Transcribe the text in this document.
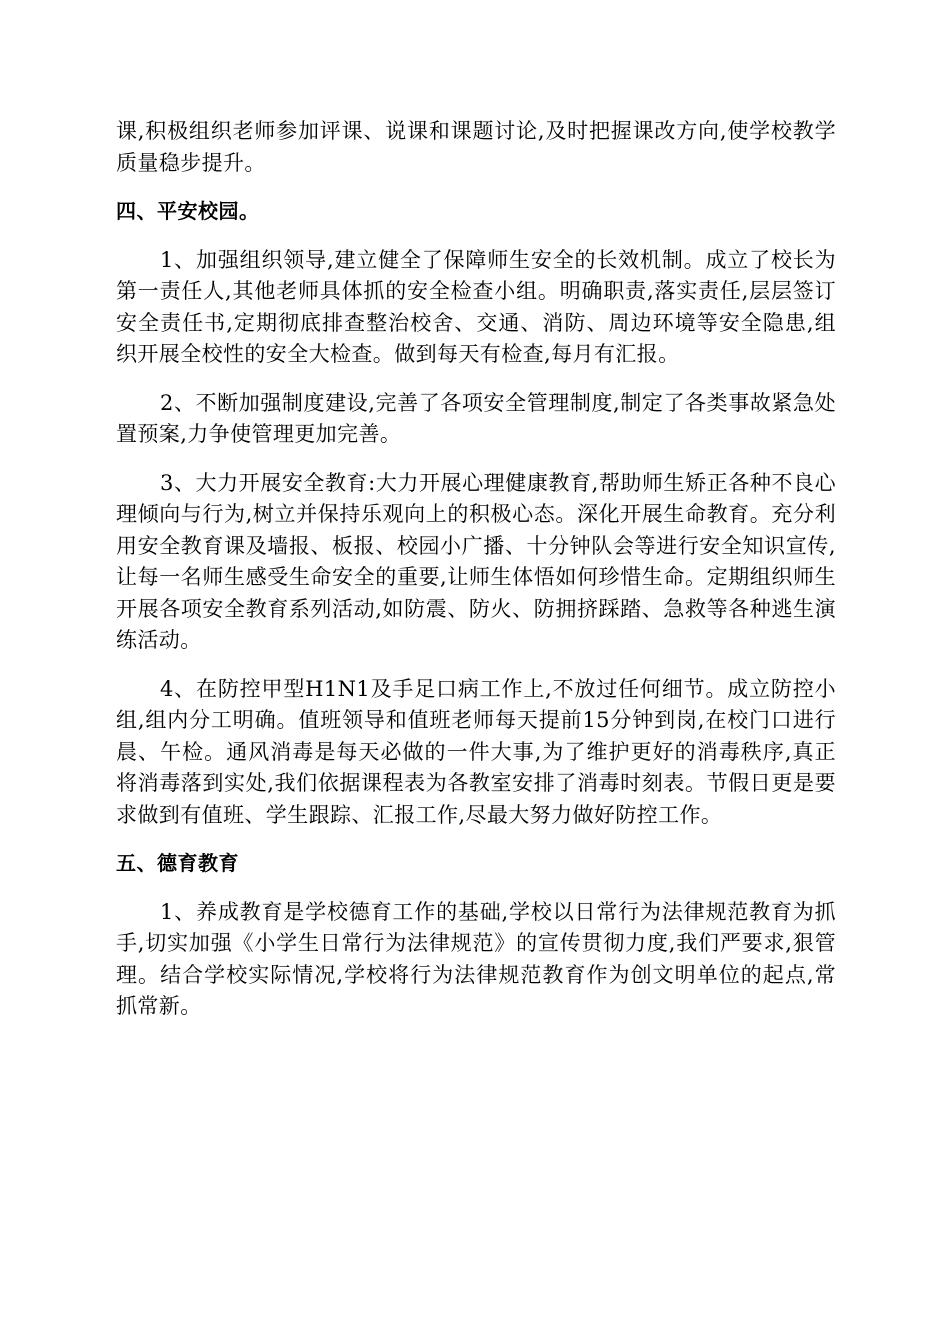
课,积极组织老师参加评课、说课和课题讨论,及时把握课改方向,使学校教学质量稳步提升。

四、平安校园。

1、加强组织领导,建立健全了保障师生安全的长效机制。成立了校长为第一责任人,其他老师具体抓的安全检查小组。明确职责,落实责任,层层签订安全责任书,定期彻底排查整治校舍、交通、消防、周边环境等安全隐患,组织开展全校性的安全大检查。做到每天有检查,每月有汇报。

2、不断加强制度建设,完善了各项安全管理制度,制定了各类事故紧急处置预案,力争使管理更加完善。

3、大力开展安全教育:大力开展心理健康教育,帮助师生矫正各种不良心理倾向与行为,树立并保持乐观向上的积极心态。深化开展生命教育。充分利用安全教育课及墙报、板报、校园小广播、十分钟队会等进行安全知识宣传,让每一名师生感受生命安全的重要,让师生体悟如何珍惜生命。定期组织师生开展各项安全教育系列活动,如防震、防火、防拥挤踩踏、急救等各种逃生演练活动。

4、在防控甲型H1N1及手足口病工作上,不放过任何细节。成立防控小组,组内分工明确。值班领导和值班老师每天提前15分钟到岗,在校门口进行晨、午检。通风消毒是每天必做的一件大事,为了维护更好的消毒秩序,真正将消毒落到实处,我们依据课程表为各教室安排了消毒时刻表。节假日更是要求做到有值班、学生跟踪、汇报工作,尽最大努力做好防控工作。

五、德育教育

1、养成教育是学校德育工作的基础,学校以日常行为法律规范教育为抓手,切实加强《小学生日常行为法律规范》的宣传贯彻力度,我们严要求,狠管理。结合学校实际情况,学校将行为法律规范教育作为创文明单位的起点,常抓常新。
